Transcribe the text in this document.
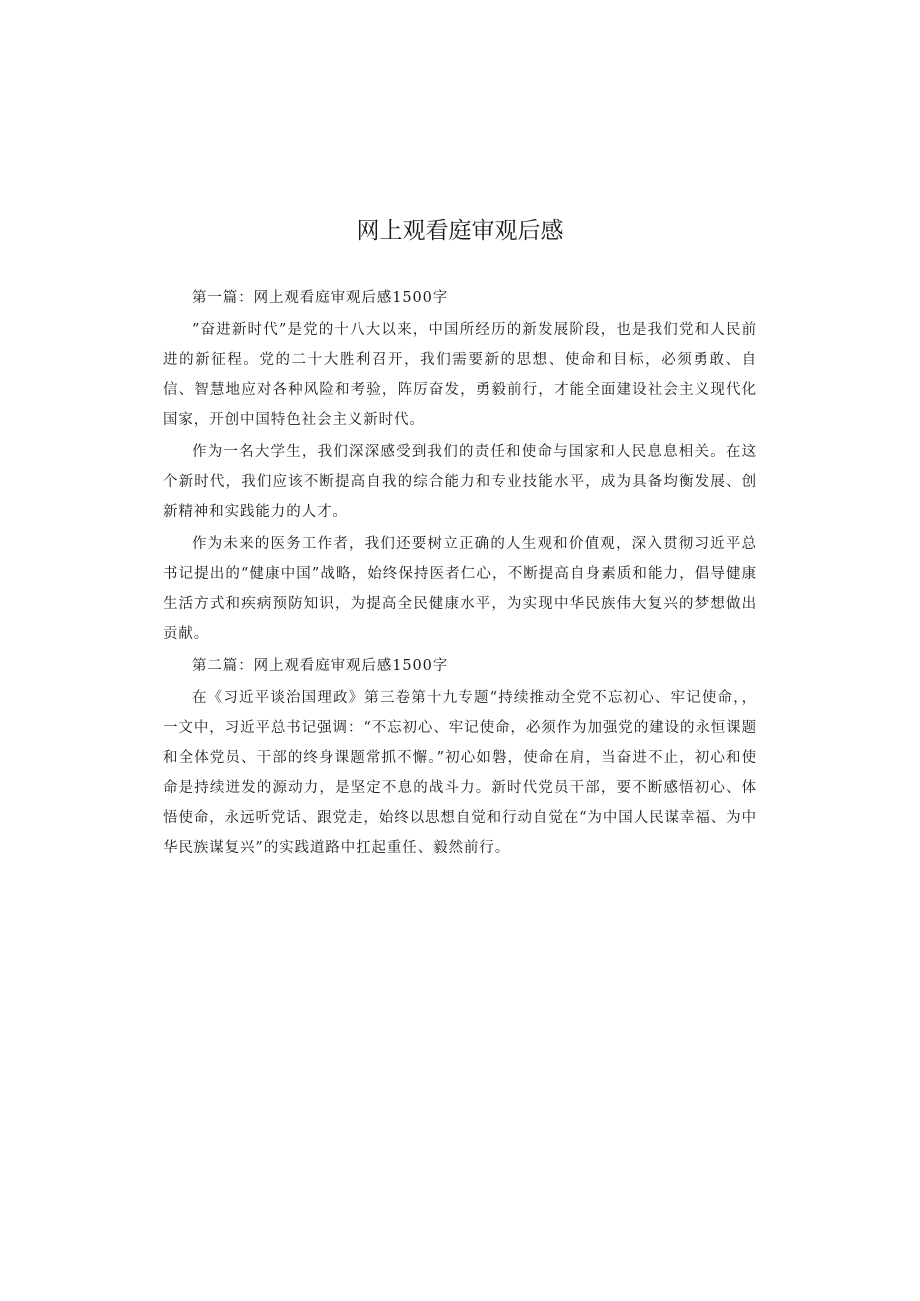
网上观看庭审观后感

第一篇：网上观看庭审观后感1500字

”奋进新时代”是党的十八大以来，中国所经历的新发展阶段，也是我们党和人民前进的新征程。党的二十大胜利召开，我们需要新的思想、使命和目标，必须勇敢、自信、智慧地应对各种风险和考验，阵厉奋发，勇毅前行，才能全面建设社会主义现代化国家，开创中国特色社会主义新时代。

作为一名大学生，我们深深感受到我们的责任和使命与国家和人民息息相关。在这个新时代，我们应该不断提高自我的综合能力和专业技能水平，成为具备均衡发展、创新精神和实践能力的人才。

作为未来的医务工作者，我们还要树立正确的人生观和价值观，深入贯彻习近平总书记提出的“健康中国”战略，始终保持医者仁心，不断提高自身素质和能力，倡导健康生活方式和疾病预防知识，为提高全民健康水平，为实现中华民族伟大复兴的梦想做出贡献。

第二篇：网上观看庭审观后感1500字

在《习近平谈治国理政》第三卷第十九专题“持续推动全党不忘初心、牢记使命，，一文中，习近平总书记强调：“不忘初心、牢记使命，必须作为加强党的建设的永恒课题和全体党员、干部的终身课题常抓不懈。”初心如磐，使命在肩，当奋进不止，初心和使命是持续迸发的源动力，是坚定不息的战斗力。新时代党员干部，要不断感悟初心、体悟使命，永远听党话、跟党走，始终以思想自觉和行动自觉在“为中国人民谋幸福、为中华民族谋复兴”的实践道路中扛起重任、毅然前行。
